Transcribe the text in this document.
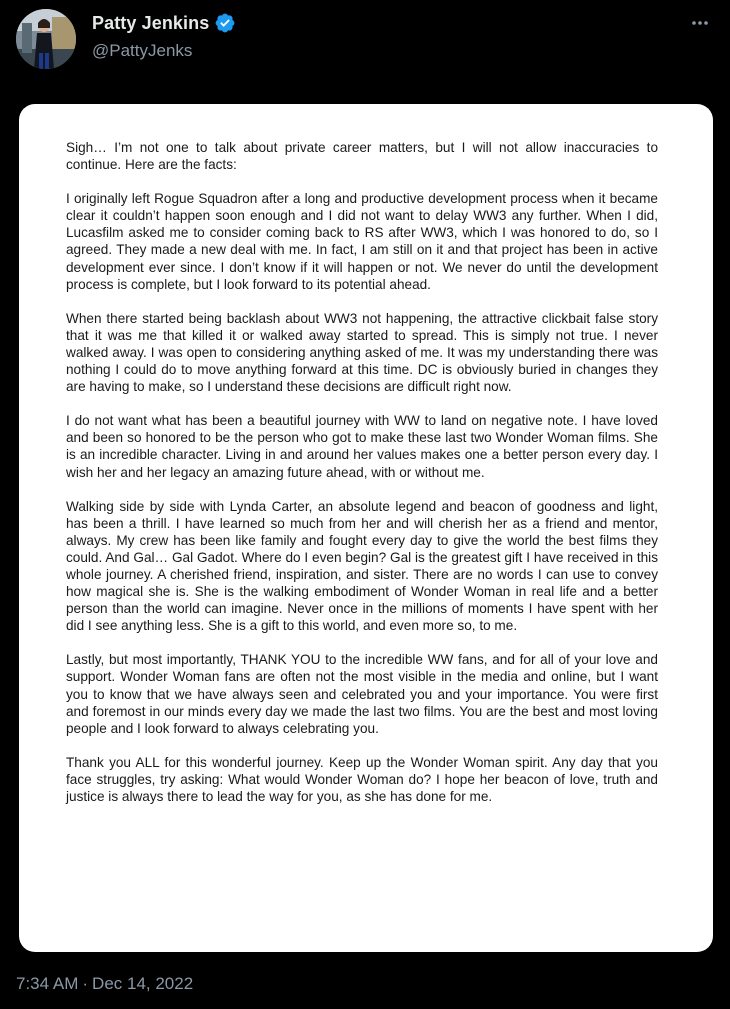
Patty Jenkins
@PattyJenks

Sigh… I’m not one to talk about private career matters, but I will not allow inaccuracies to continue. Here are the facts:

I originally left Rogue Squadron after a long and productive development process when it became clear it couldn’t happen soon enough and I did not want to delay WW3 any further. When I did, Lucasfilm asked me to consider coming back to RS after WW3, which I was honored to do, so I agreed. They made a new deal with me. In fact, I am still on it and that project has been in active development ever since. I don’t know if it will happen or not. We never do until the development process is complete, but I look forward to its potential ahead.

When there started being backlash about WW3 not happening, the attractive clickbait false story that it was me that killed it or walked away started to spread. This is simply not true. I never walked away. I was open to considering anything asked of me. It was my understanding there was nothing I could do to move anything forward at this time. DC is obviously buried in changes they are having to make, so I understand these decisions are difficult right now.

I do not want what has been a beautiful journey with WW to land on negative note. I have loved and been so honored to be the person who got to make these last two Wonder Woman films. She is an incredible character. Living in and around her values makes one a better person every day. I wish her and her legacy an amazing future ahead, with or without me.

Walking side by side with Lynda Carter, an absolute legend and beacon of goodness and light, has been a thrill. I have learned so much from her and will cherish her as a friend and mentor, always. My crew has been like family and fought every day to give the world the best films they could. And Gal… Gal Gadot. Where do I even begin? Gal is the greatest gift I have received in this whole journey. A cherished friend, inspiration, and sister. There are no words I can use to convey how magical she is. She is the walking embodiment of Wonder Woman in real life and a better person than the world can imagine. Never once in the millions of moments I have spent with her did I see anything less. She is a gift to this world, and even more so, to me.

Lastly, but most importantly, THANK YOU to the incredible WW fans, and for all of your love and support. Wonder Woman fans are often not the most visible in the media and online, but I want you to know that we have always seen and celebrated you and your importance. You were first and foremost in our minds every day we made the last two films. You are the best and most loving people and I look forward to always celebrating you.

Thank you ALL for this wonderful journey. Keep up the Wonder Woman spirit. Any day that you face struggles, try asking: What would Wonder Woman do? I hope her beacon of love, truth and justice is always there to lead the way for you, as she has done for me.

7:34 AM · Dec 14, 2022
